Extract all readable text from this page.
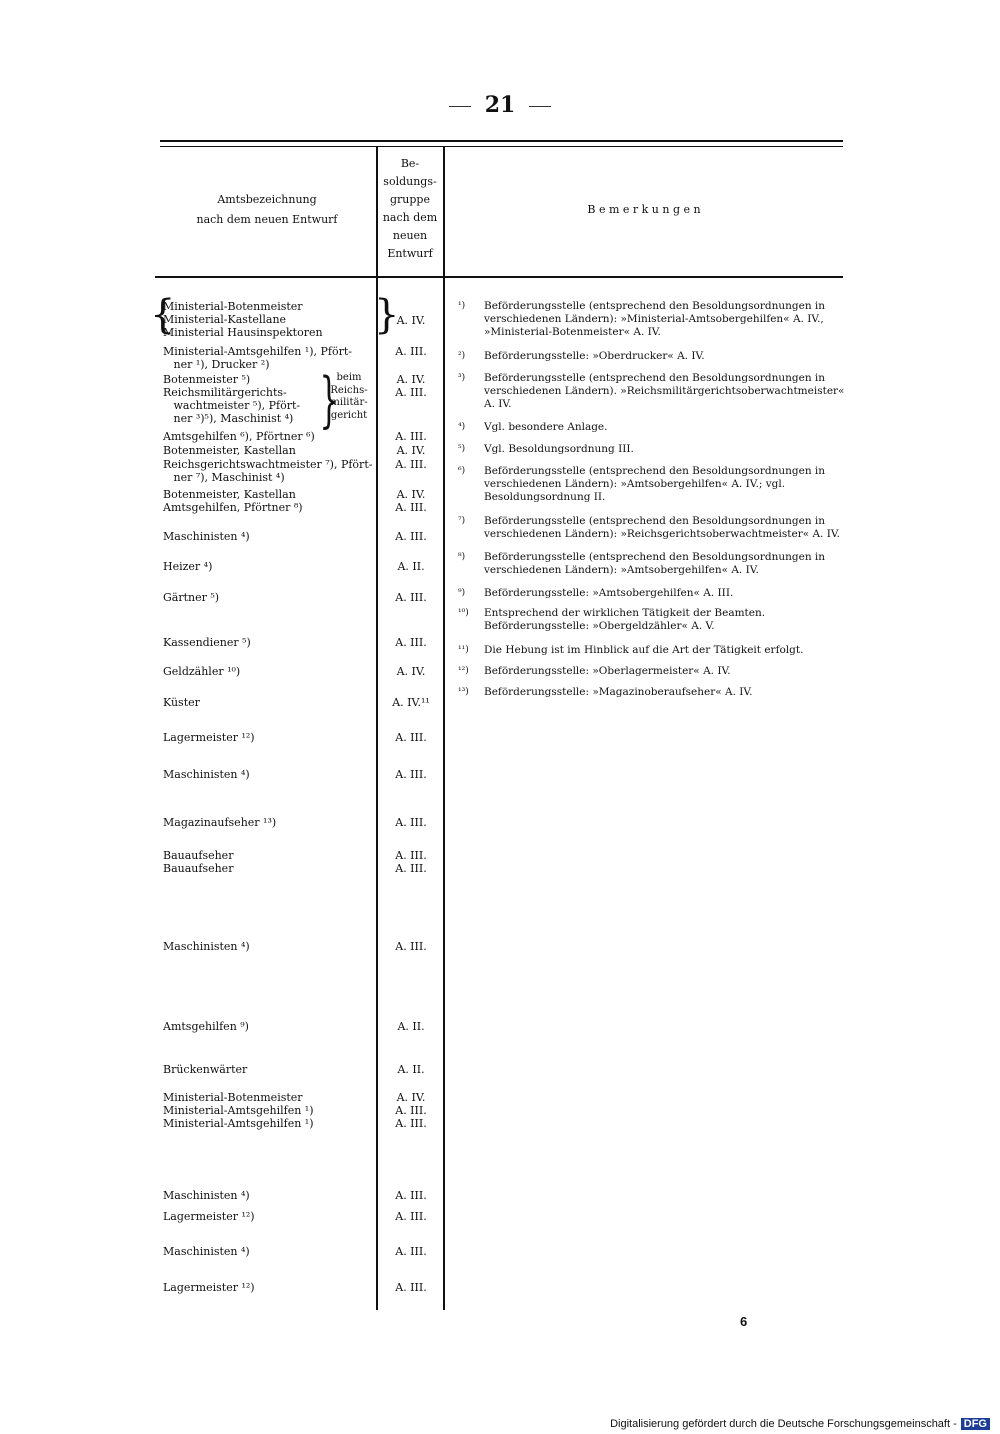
21
Amtsbezeichnung
nach dem neuen Entwurf
Be-
soldungs-
gruppe
nach dem
neuen
Entwurf
B e m e r k u n g e n
{	}
}
beim
Reichs-
militär-
gericht
Ministerial-Botenmeister
Ministerial-Kastellane
Ministerial Hausinspektoren
Ministerial-Amtsgehilfen ¹), Pfört-
ner ¹), Drucker ²)
Botenmeister ⁵)
Reichsmilitärgerichts-
wachtmeister ⁵), Pfört-
ner ³)⁵), Maschinist ⁴)
Amtsgehilfen ⁶), Pförtner ⁶)
Botenmeister, Kastellan
Reichsgerichtswachtmeister ⁷), Pfört-
ner ⁷), Maschinist ⁴)
Botenmeister, Kastellan
Amtsgehilfen, Pförtner ⁸)
Maschinisten ⁴)
Heizer ⁴)
Gärtner ⁵)
Kassendiener ⁵)
Geldzähler ¹⁰)
Küster
Lagermeister ¹²)
Maschinisten ⁴)
Magazinaufseher ¹³)
Bauaufseher
Bauaufseher
Maschinisten ⁴)
Amtsgehilfen ⁹)
Brückenwärter
Ministerial-Botenmeister
Ministerial-Amtsgehilfen ¹)
Ministerial-Amtsgehilfen ¹)
Maschinisten ⁴)
Lagermeister ¹²)
Maschinisten ⁴)
Lagermeister ¹²)
A. IV.
A. III.
A. IV.
A. III.
A. III.
A. IV.
A. III.
A. IV.
A. III.
A. III.
A. II.
A. III.
A. III.
A. IV.
A. IV.¹¹
A. III.
A. III.
A. III.
A. III.
A. III.
A. III.
A. II.
A. II.
A. IV.
A. III.
A. III.
A. III.
A. III.
A. III.
A. III.
¹) Beförderungsstelle (entsprechend den Besoldungsordnungen in verschiedenen Ländern): »Ministerial-Amtsobergehilfen« A. IV., »Ministerial-Botenmeister« A. IV.
²) Beförderungsstelle: »Oberdrucker« A. IV.
³) Beförderungsstelle (entsprechend den Besoldungsordnungen in verschiedenen Ländern). »Reichsmilitärgerichtsoberwachtmeister« A. IV.
⁴) Vgl. besondere Anlage.
⁵) Vgl. Besoldungsordnung III.
⁶) Beförderungsstelle (entsprechend den Besoldungsordnungen in verschiedenen Ländern): »Amtsobergehilfen« A. IV.; vgl. Besoldungsordnung II.
⁷) Beförderungsstelle (entsprechend den Besoldungsordnungen in verschiedenen Ländern): »Reichsgerichtsoberwachtmeister« A. IV.
⁸) Beförderungsstelle (entsprechend den Besoldungsordnungen in verschiedenen Ländern): »Amtsobergehilfen« A. IV.
⁹) Beförderungsstelle: »Amtsobergehilfen« A. III.
¹⁰) Entsprechend der wirklichen Tätigkeit der Beamten. Beförderungsstelle: »Obergeldzähler« A. V.
¹¹) Die Hebung ist im Hinblick auf die Art der Tätigkeit erfolgt.
¹²) Beförderungsstelle: »Oberlagermeister« A. IV.
¹³) Beförderungsstelle: »Magazinoberaufseher« A. IV.
6
Digitalisierung gefördert durch die Deutsche Forschungsgemeinschaft - DFG
